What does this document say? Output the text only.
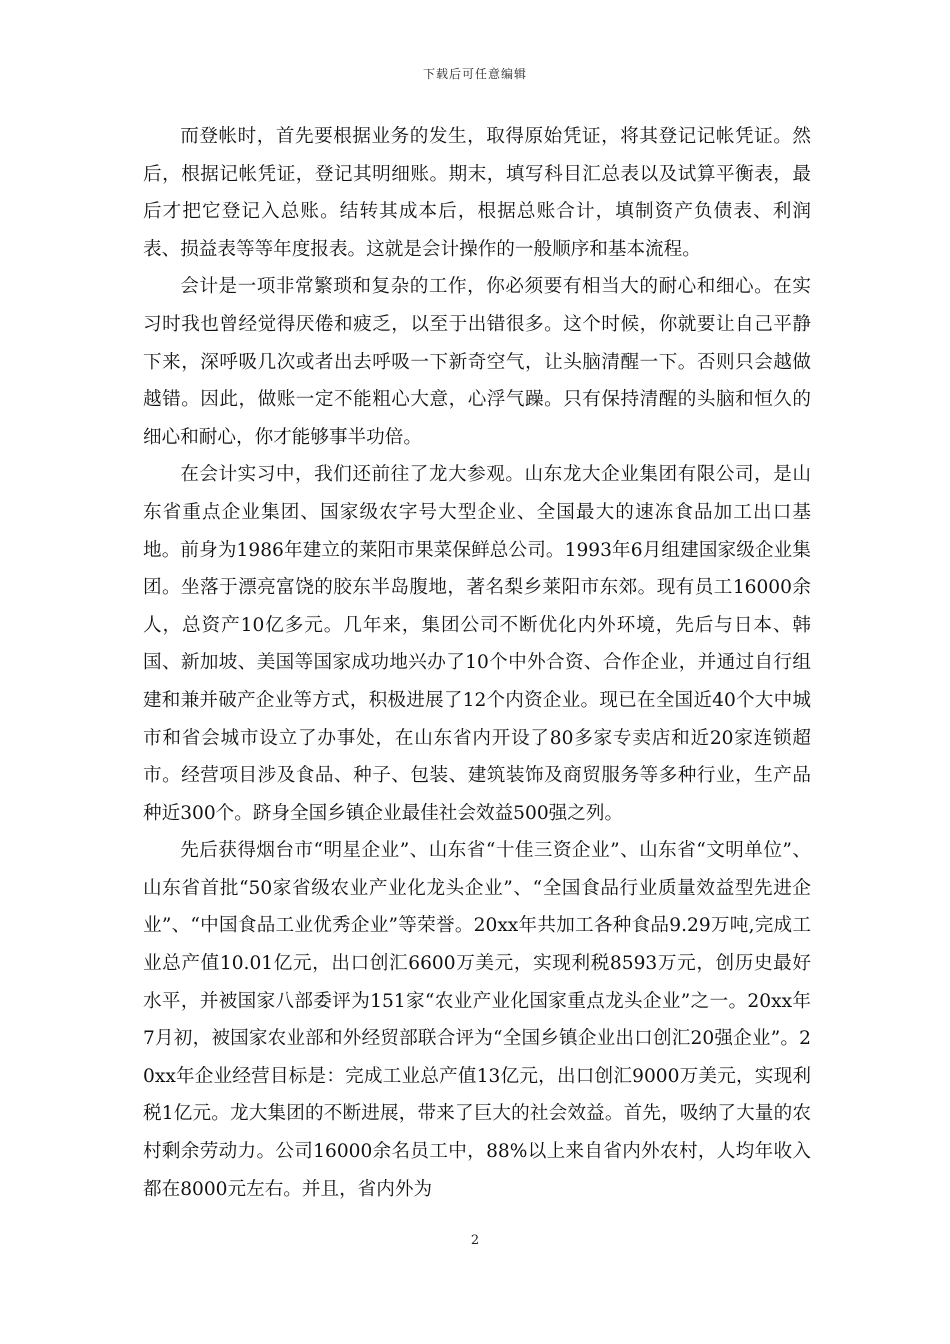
下载后可任意编辑

而登帐时，首先要根据业务的发生，取得原始凭证，将其登记记帐凭证。然后，根据记帐凭证，登记其明细账。期末，填写科目汇总表以及试算平衡表，最后才把它登记入总账。结转其成本后，根据总账合计，填制资产负债表、利润表、损益表等等年度报表。这就是会计操作的一般顺序和基本流程。

会计是一项非常繁琐和复杂的工作，你必须要有相当大的耐心和细心。在实习时我也曾经觉得厌倦和疲乏，以至于出错很多。这个时候，你就要让自己平静下来，深呼吸几次或者出去呼吸一下新奇空气，让头脑清醒一下。否则只会越做越错。因此，做账一定不能粗心大意，心浮气躁。只有保持清醒的头脑和恒久的细心和耐心，你才能够事半功倍。

在会计实习中，我们还前往了龙大参观。山东龙大企业集团有限公司，是山东省重点企业集团、国家级农字号大型企业、全国最大的速冻食品加工出口基地。前身为1986年建立的莱阳市果菜保鲜总公司。1993年6月组建国家级企业集团。坐落于漂亮富饶的胶东半岛腹地，著名梨乡莱阳市东郊。现有员工16000余人，总资产10亿多元。几年来，集团公司不断优化内外环境，先后与日本、韩国、新加坡、美国等国家成功地兴办了10个中外合资、合作企业，并通过自行组建和兼并破产企业等方式，积极进展了12个内资企业。现已在全国近40个大中城市和省会城市设立了办事处，在山东省内开设了80多家专卖店和近20家连锁超市。经营项目涉及食品、种子、包装、建筑装饰及商贸服务等多种行业，生产品种近300个。跻身全国乡镇企业最佳社会效益500强之列。

先后获得烟台市“明星企业”、山东省“十佳三资企业”、山东省“文明单位”、山东省首批“50家省级农业产业化龙头企业”、“全国食品行业质量效益型先进企业”、“中国食品工业优秀企业”等荣誉。20xx年共加工各种食品9.29万吨,完成工业总产值10.01亿元，出口创汇6600万美元，实现利税8593万元，创历史最好水平，并被国家八部委评为151家“农业产业化国家重点龙头企业”之一。20xx年7月初，被国家农业部和外经贸部联合评为“全国乡镇企业出口创汇20强企业”。20xx年企业经营目标是：完成工业总产值13亿元，出口创汇9000万美元，实现利税1亿元。龙大集团的不断进展，带来了巨大的社会效益。首先，吸纳了大量的农村剩余劳动力。公司16000余名员工中，88%以上来自省内外农村，人均年收入都在8000元左右。并且，省内外为

2
